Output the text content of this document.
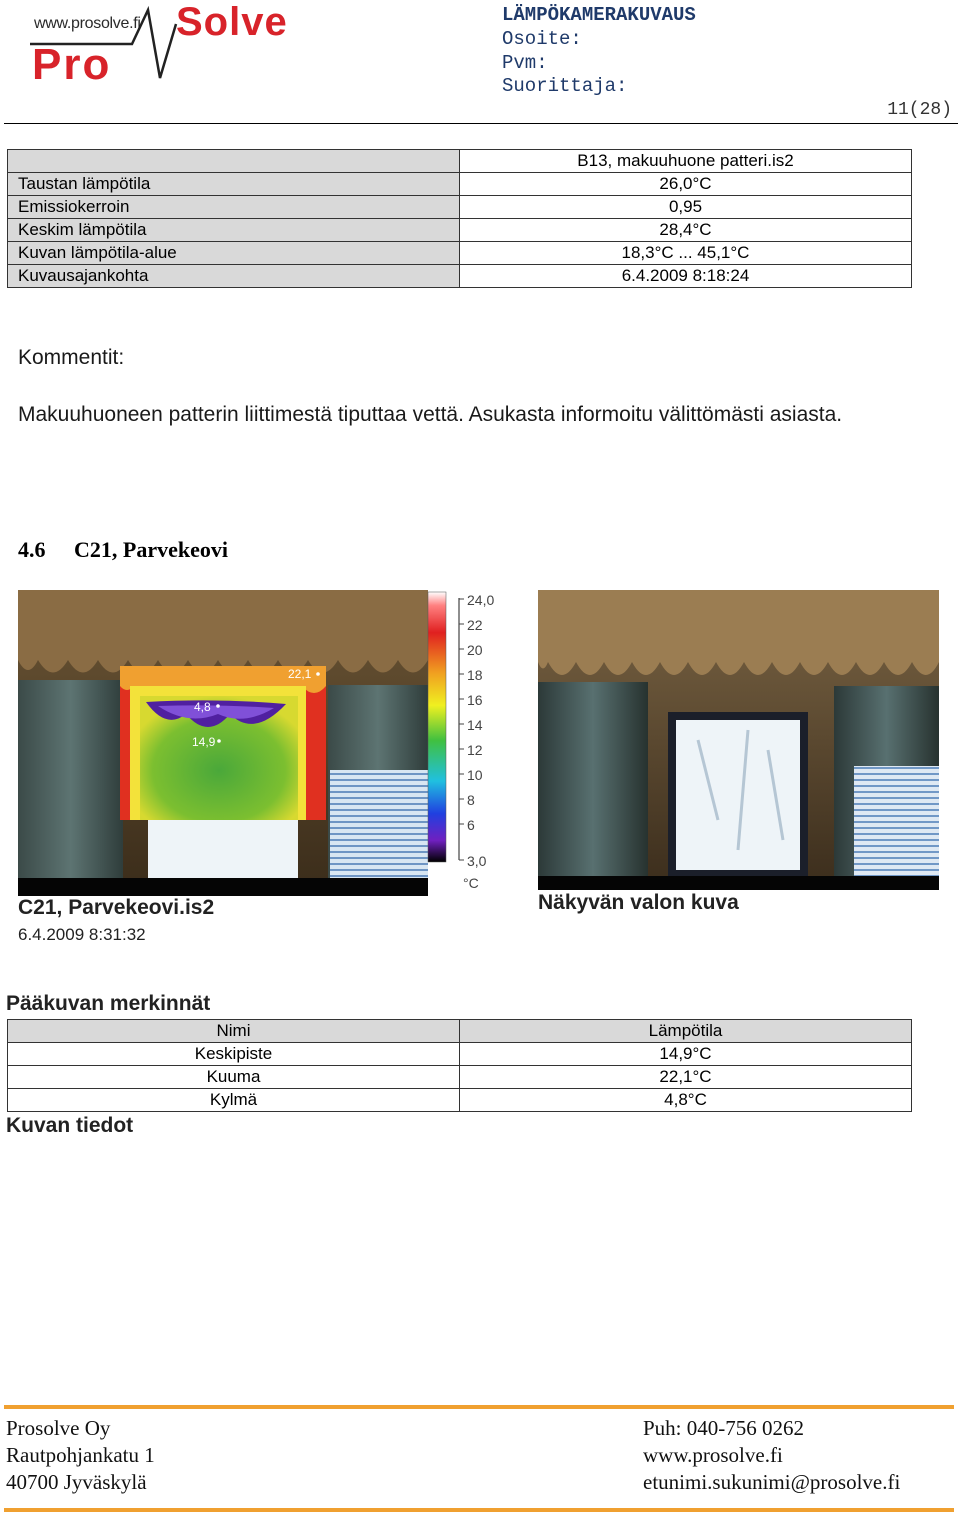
www.prosolve.fi Solve
Pro
LÄMPÖKAMERAKUVAUS
Osoite:
Pvm:
Suorittaja:
11(28)
	B13, makuuhuone patteri.is2
Taustan lämpötila	26,0°C
Emissiokerroin	0,95
Keskim lämpötila	28,4°C
Kuvan lämpötila-alue	18,3°C ... 45,1°C
Kuvausajankohta	6.4.2009 8:18:24
Kommentit:
Makuuhuoneen patterin liittimestä tiputtaa vettä. Asukasta informoitu välittömästi asiasta.
4.6 C21, Parvekeovi
22,1
4,8
14,9
24,0
22
20
18
16
14
12
10
8
6
3,0
°C
C21, Parvekeovi.is2
6.4.2009 8:31:32
Näkyvän valon kuva
Pääkuvan merkinnät
Nimi	Lämpötila
Keskipiste	14,9°C
Kuuma	22,1°C
Kylmä	4,8°C
Kuvan tiedot
Prosolve Oy
Rautpohjankatu 1
40700 Jyväskylä
Puh: 040-756 0262
www.prosolve.fi
etunimi.sukunimi@prosolve.fi
